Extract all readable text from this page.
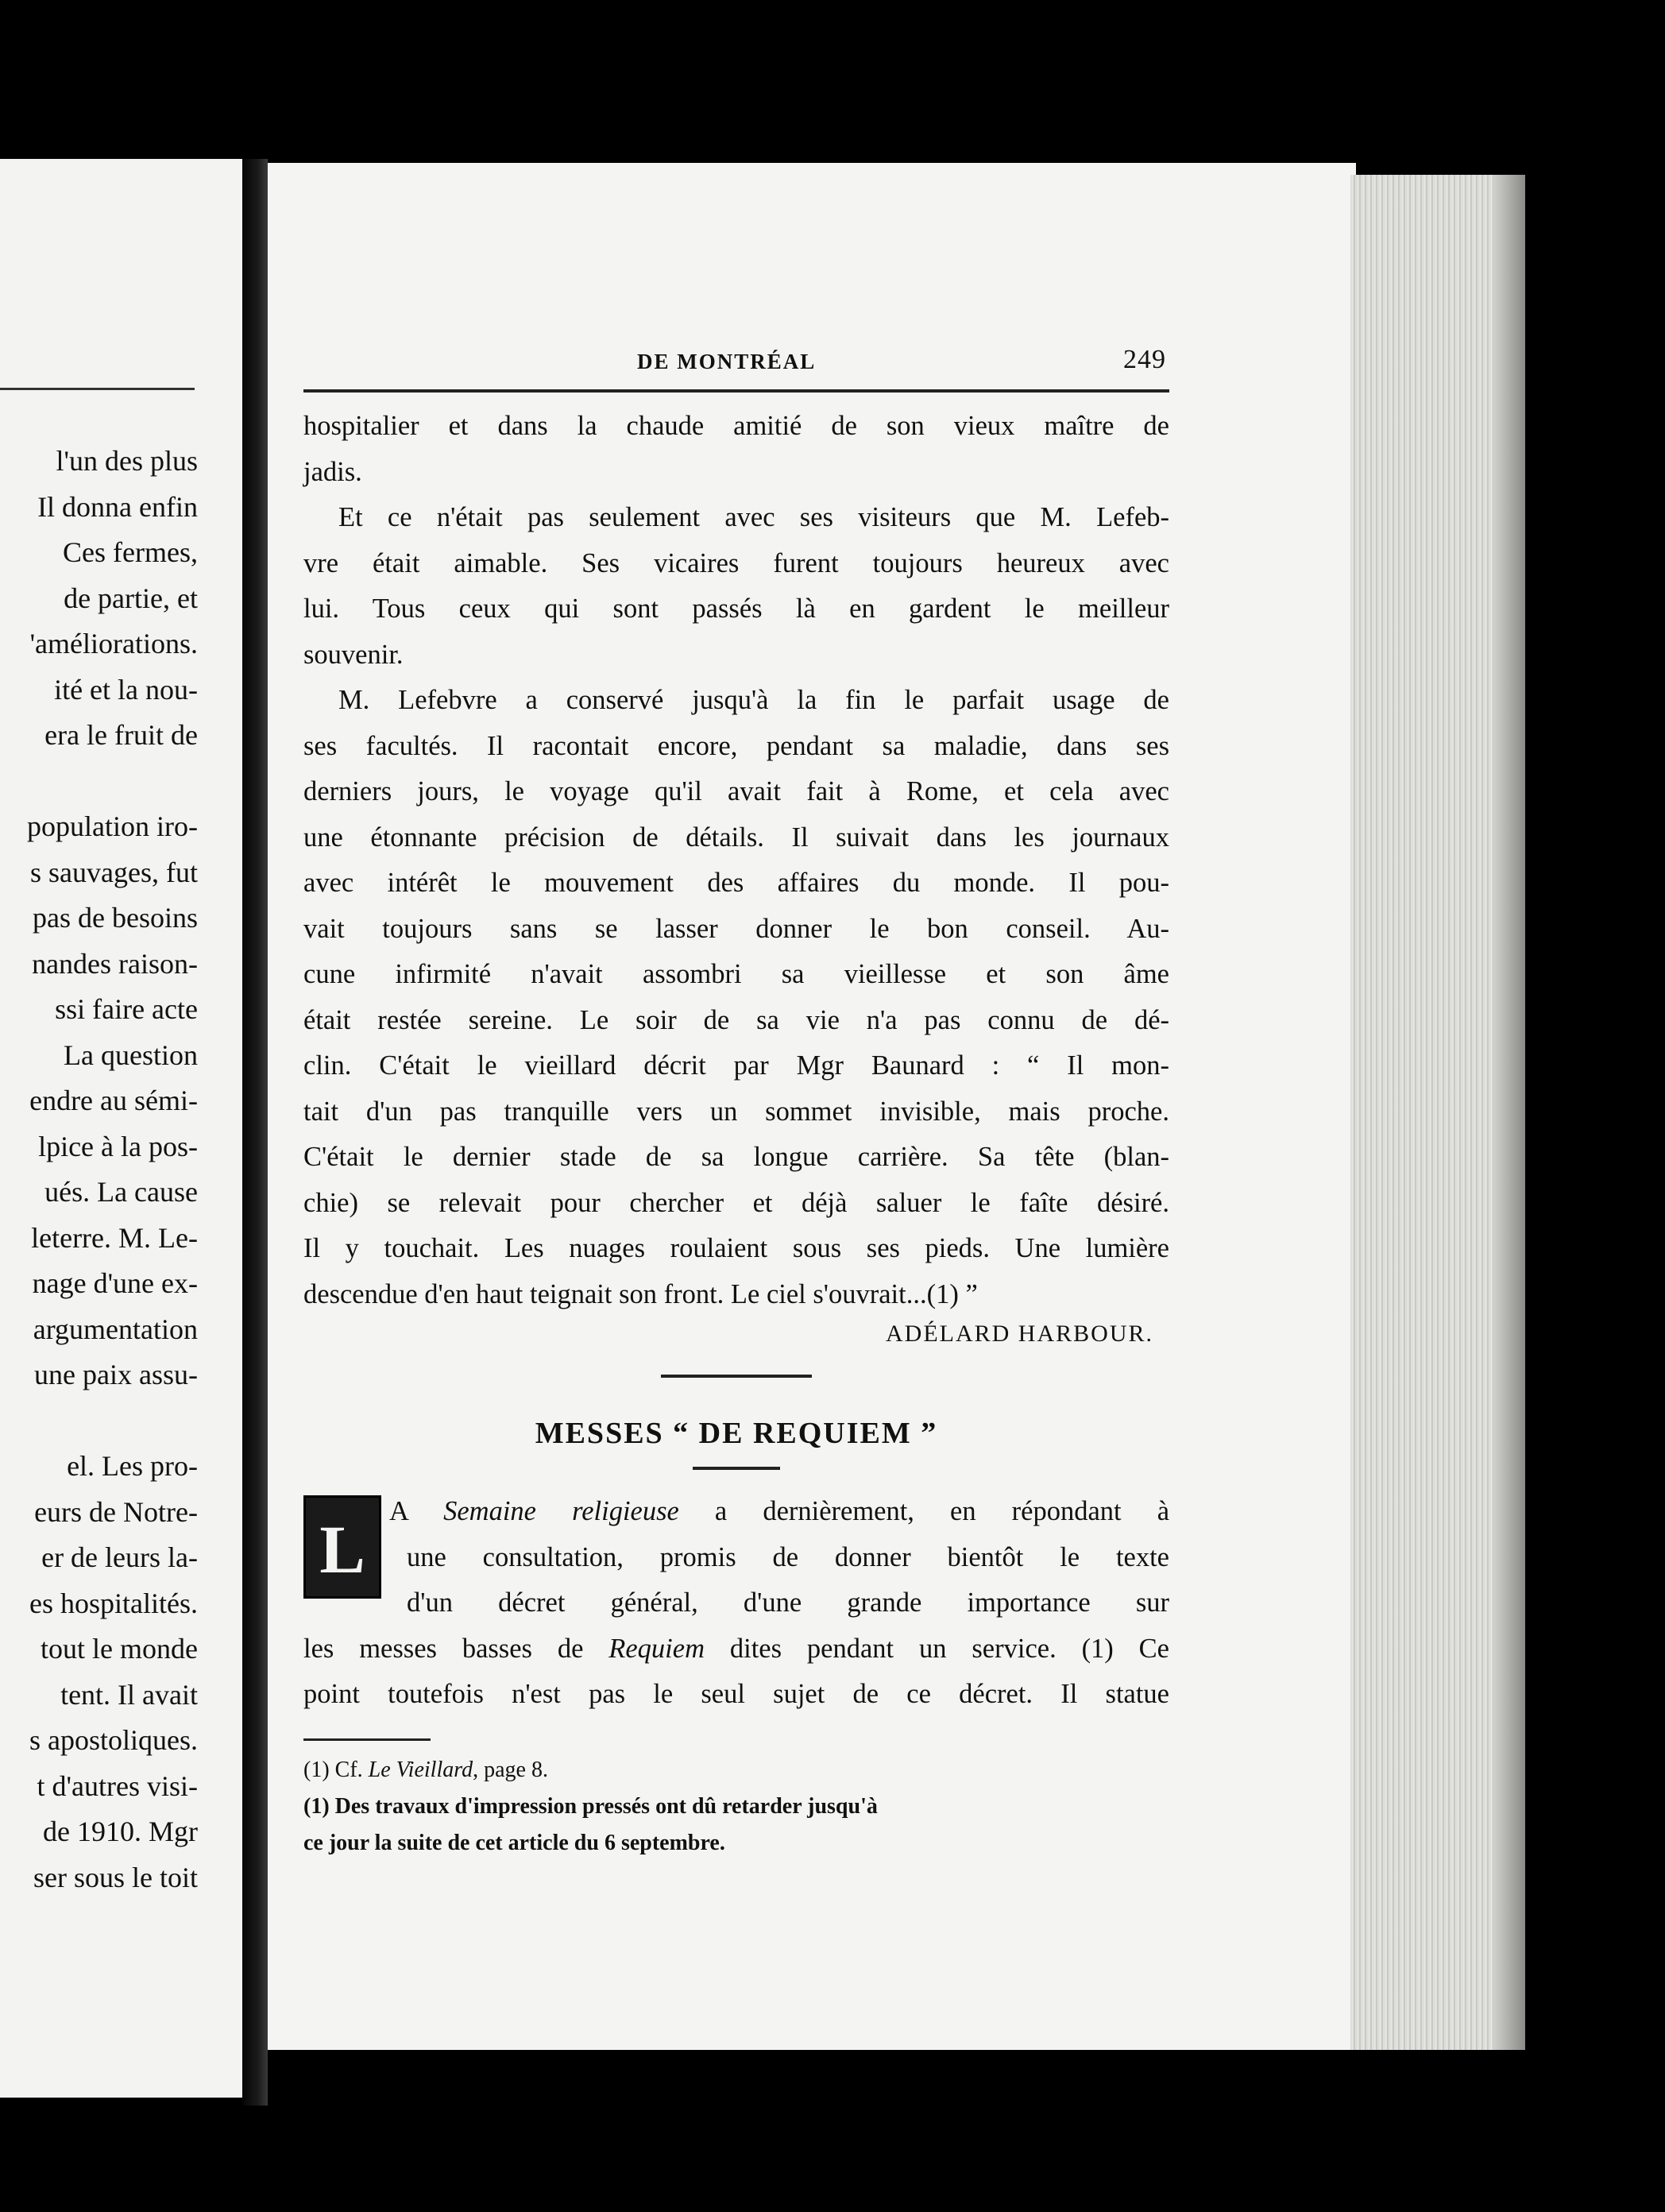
l'un des plus
Il donna enfin
Ces fermes,
de partie, et
'améliorations.
ité et la nou-
era le fruit de

population iro-
s sauvages, fut
pas de besoins
nandes raison-
ssi faire acte
La question
endre au sémi-
lpice à la pos-
ués. La cause
leterre. M. Le-
nage d'une ex-
argumentation
une paix assu-

el. Les pro-
eurs de Notre-
er de leurs la-
es hospitalités.
tout le monde
tent. Il avait
s apostoliques.
t d'autres visi-
de 1910. Mgr
ser sous le toit
DE MONTRÉAL	249
hospitalier et dans la chaude amitié de son vieux maître de
jadis.
Et ce n'était pas seulement avec ses visiteurs que M. Lefeb-
vre était aimable. Ses vicaires furent toujours heureux avec
lui. Tous ceux qui sont passés là en gardent le meilleur
souvenir.
M. Lefebvre a conservé jusqu'à la fin le parfait usage de
ses facultés. Il racontait encore, pendant sa maladie, dans ses
derniers jours, le voyage qu'il avait fait à Rome, et cela avec
une étonnante précision de détails. Il suivait dans les journaux
avec intérêt le mouvement des affaires du monde. Il pou-
vait toujours sans se lasser donner le bon conseil. Au-
cune infirmité n'avait assombri sa vieillesse et son âme
était restée sereine. Le soir de sa vie n'a pas connu de dé-
clin. C'était le vieillard décrit par Mgr Baunard : “ Il mon-
tait d'un pas tranquille vers un sommet invisible, mais proche.
C'était le dernier stade de sa longue carrière. Sa tête (blan-
chie) se relevait pour chercher et déjà saluer le faîte désiré.
Il y touchait. Les nuages roulaient sous ses pieds. Une lumière
descendue d'en haut teignait son front. Le ciel s'ouvrait...(1) ”
ADÉLARD HARBOUR.
MESSES “ DE REQUIEM ”
L A Semaine religieuse a dernièrement, en répondant à
une consultation, promis de donner bientôt le texte
d'un décret général, d'une grande importance sur
les messes basses de Requiem dites pendant un service. (1) Ce
point toutefois n'est pas le seul sujet de ce décret. Il statue
(1) Cf. Le Vieillard, page 8.
(1) Des travaux d'impression pressés ont dû retarder jusqu'à
ce jour la suite de cet article du 6 septembre.
